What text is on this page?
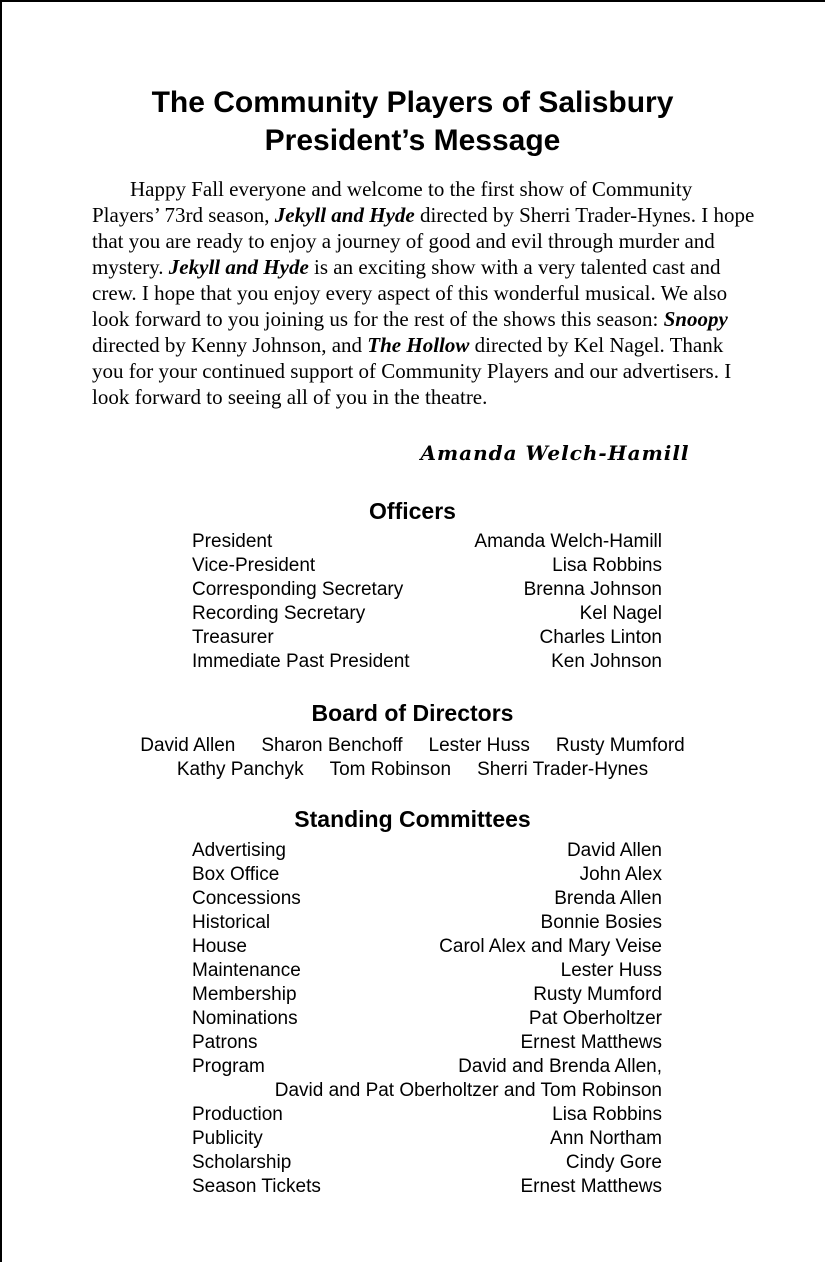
The Community Players of Salisbury
President’s Message

Happy Fall everyone and welcome to the first show of Community Players’ 73rd season, Jekyll and Hyde directed by Sherri Trader-Hynes. I hope that you are ready to enjoy a journey of good and evil through murder and mystery. Jekyll and Hyde is an exciting show with a very talented cast and crew. I hope that you enjoy every aspect of this wonderful musical. We also look forward to you joining us for the rest of the shows this season: Snoopy directed by Kenny Johnson, and The Hollow directed by Kel Nagel. Thank you for your continued support of Community Players and our advertisers. I look forward to seeing all of you in the theatre.

Amanda Welch-Hamill
Officers
President	Amanda Welch-Hamill
Vice-President	Lisa Robbins
Corresponding Secretary	Brenna Johnson
Recording Secretary	Kel Nagel
Treasurer	Charles Linton
Immediate Past President	Ken Johnson
Board of Directors
David Allen Sharon Benchoff Lester Huss Rusty Mumford
Kathy Panchyk Tom Robinson Sherri Trader-Hynes
Standing Committees
Advertising	David Allen
Box Office	John Alex
Concessions	Brenda Allen
Historical	Bonnie Bosies
House	Carol Alex and Mary Veise
Maintenance	Lester Huss
Membership	Rusty Mumford
Nominations	Pat Oberholtzer
Patrons	Ernest Matthews
Program	David and Brenda Allen,
David and Pat Oberholtzer and Tom Robinson
Production	Lisa Robbins
Publicity	Ann Northam
Scholarship	Cindy Gore
Season Tickets	Ernest Matthews
